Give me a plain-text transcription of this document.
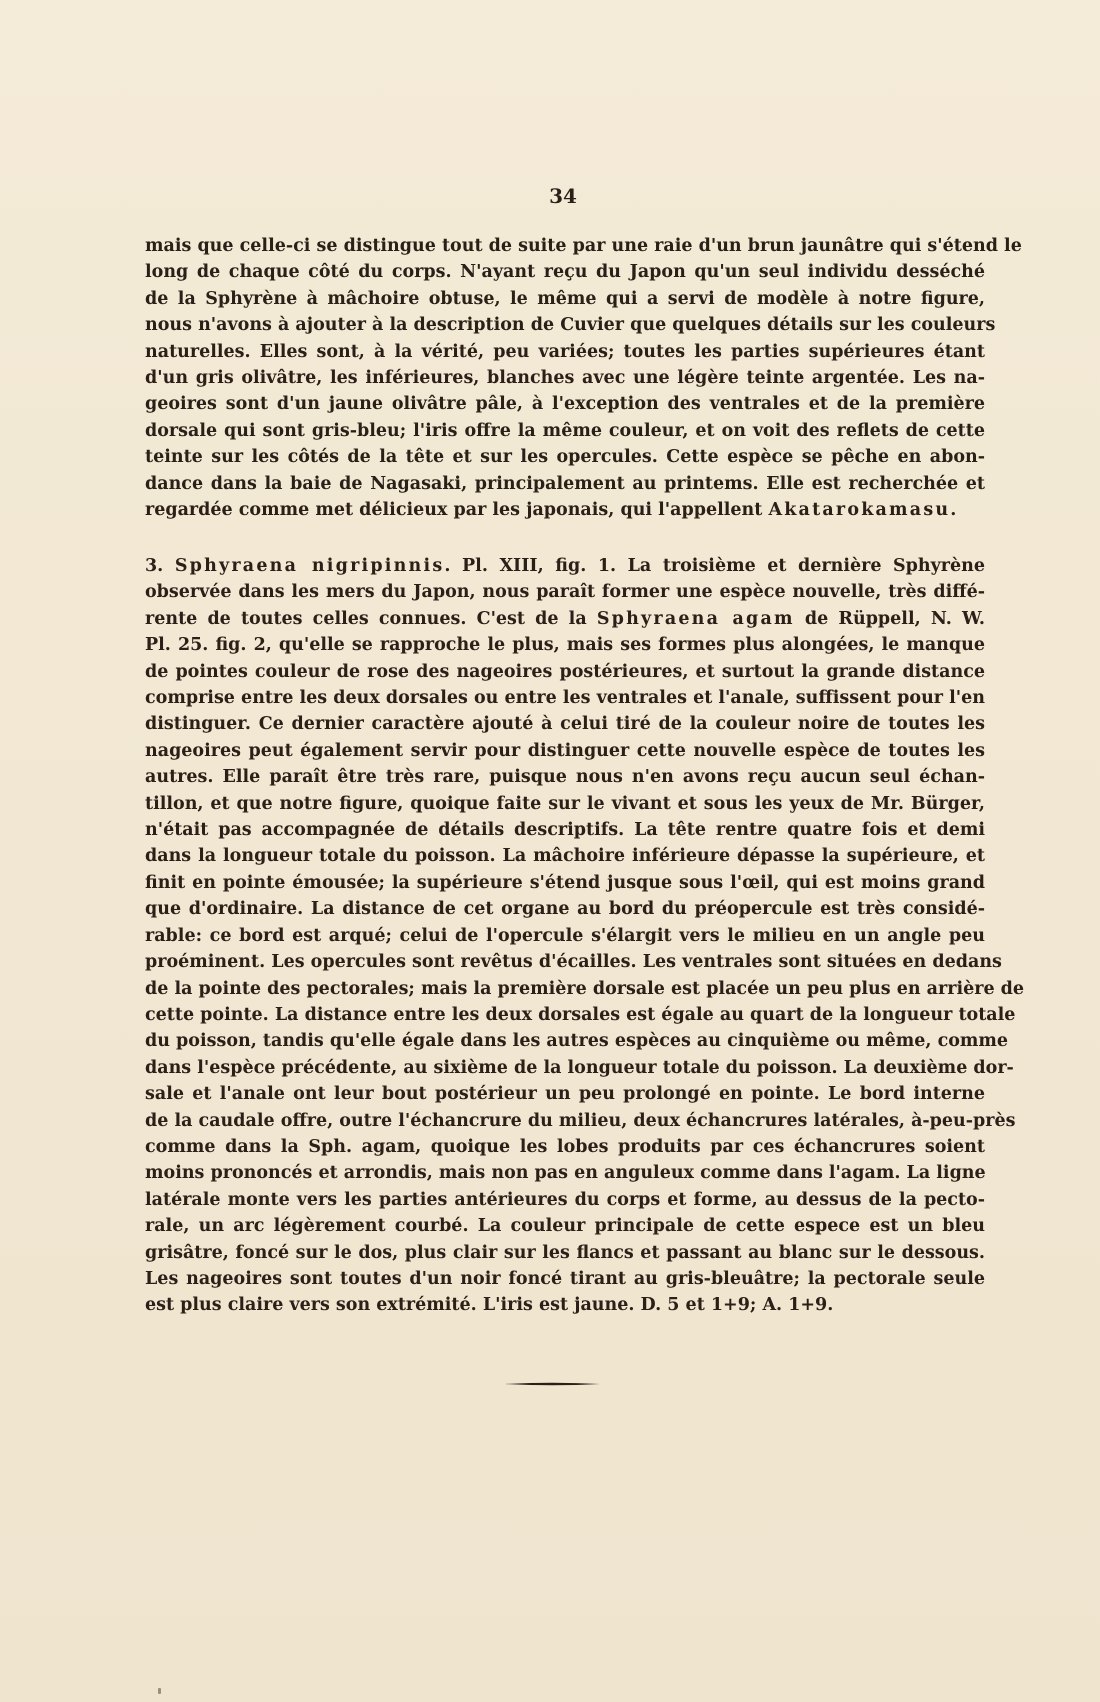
34
mais que celle-ci se distingue tout de suite par une raie d'un brun jaunâtre qui s'étend le
long de chaque côté du corps. N'ayant reçu du Japon qu'un seul individu desséché
de la Sphyrène à mâchoire obtuse, le même qui a servi de modèle à notre figure,
nous n'avons à ajouter à la description de Cuvier que quelques détails sur les couleurs
naturelles. Elles sont, à la vérité, peu variées; toutes les parties supérieures étant
d'un gris olivâtre, les inférieures, blanches avec une légère teinte argentée. Les na-
geoires sont d'un jaune olivâtre pâle, à l'exception des ventrales et de la première
dorsale qui sont gris-bleu; l'iris offre la même couleur, et on voit des reflets de cette
teinte sur les côtés de la tête et sur les opercules. Cette espèce se pêche en abon-
dance dans la baie de Nagasaki, principalement au printems. Elle est recherchée et
regardée comme met délicieux par les japonais, qui l'appellent Akatarokamasu.
3. Sphyraena nigripinnis. Pl. XIII, fig. 1. La troisième et dernière Sphyrène
observée dans les mers du Japon, nous paraît former une espèce nouvelle, très diffé-
rente de toutes celles connues. C'est de la Sphyraena agam de Rüppell, N. W.
Pl. 25. fig. 2, qu'elle se rapproche le plus, mais ses formes plus alongées, le manque
de pointes couleur de rose des nageoires postérieures, et surtout la grande distance
comprise entre les deux dorsales ou entre les ventrales et l'anale, suffissent pour l'en
distinguer. Ce dernier caractère ajouté à celui tiré de la couleur noire de toutes les
nageoires peut également servir pour distinguer cette nouvelle espèce de toutes les
autres. Elle paraît être très rare, puisque nous n'en avons reçu aucun seul échan-
tillon, et que notre figure, quoique faite sur le vivant et sous les yeux de Mr. Bürger,
n'était pas accompagnée de détails descriptifs. La tête rentre quatre fois et demi
dans la longueur totale du poisson. La mâchoire inférieure dépasse la supérieure, et
finit en pointe émousée; la supérieure s'étend jusque sous l'œil, qui est moins grand
que d'ordinaire. La distance de cet organe au bord du préopercule est très considé-
rable: ce bord est arqué; celui de l'opercule s'élargit vers le milieu en un angle peu
proéminent. Les opercules sont revêtus d'écailles. Les ventrales sont situées en dedans
de la pointe des pectorales; mais la première dorsale est placée un peu plus en arrière de
cette pointe. La distance entre les deux dorsales est égale au quart de la longueur totale
du poisson, tandis qu'elle égale dans les autres espèces au cinquième ou même, comme
dans l'espèce précédente, au sixième de la longueur totale du poisson. La deuxième dor-
sale et l'anale ont leur bout postérieur un peu prolongé en pointe. Le bord interne
de la caudale offre, outre l'échancrure du milieu, deux échancrures latérales, à-peu-près
comme dans la Sph. agam, quoique les lobes produits par ces échancrures soient
moins prononcés et arrondis, mais non pas en anguleux comme dans l'agam. La ligne
latérale monte vers les parties antérieures du corps et forme, au dessus de la pecto-
rale, un arc légèrement courbé. La couleur principale de cette espece est un bleu
grisâtre, foncé sur le dos, plus clair sur les flancs et passant au blanc sur le dessous.
Les nageoires sont toutes d'un noir foncé tirant au gris-bleuâtre; la pectorale seule
est plus claire vers son extrémité. L'iris est jaune. D. 5 et 1+9; A. 1+9.
